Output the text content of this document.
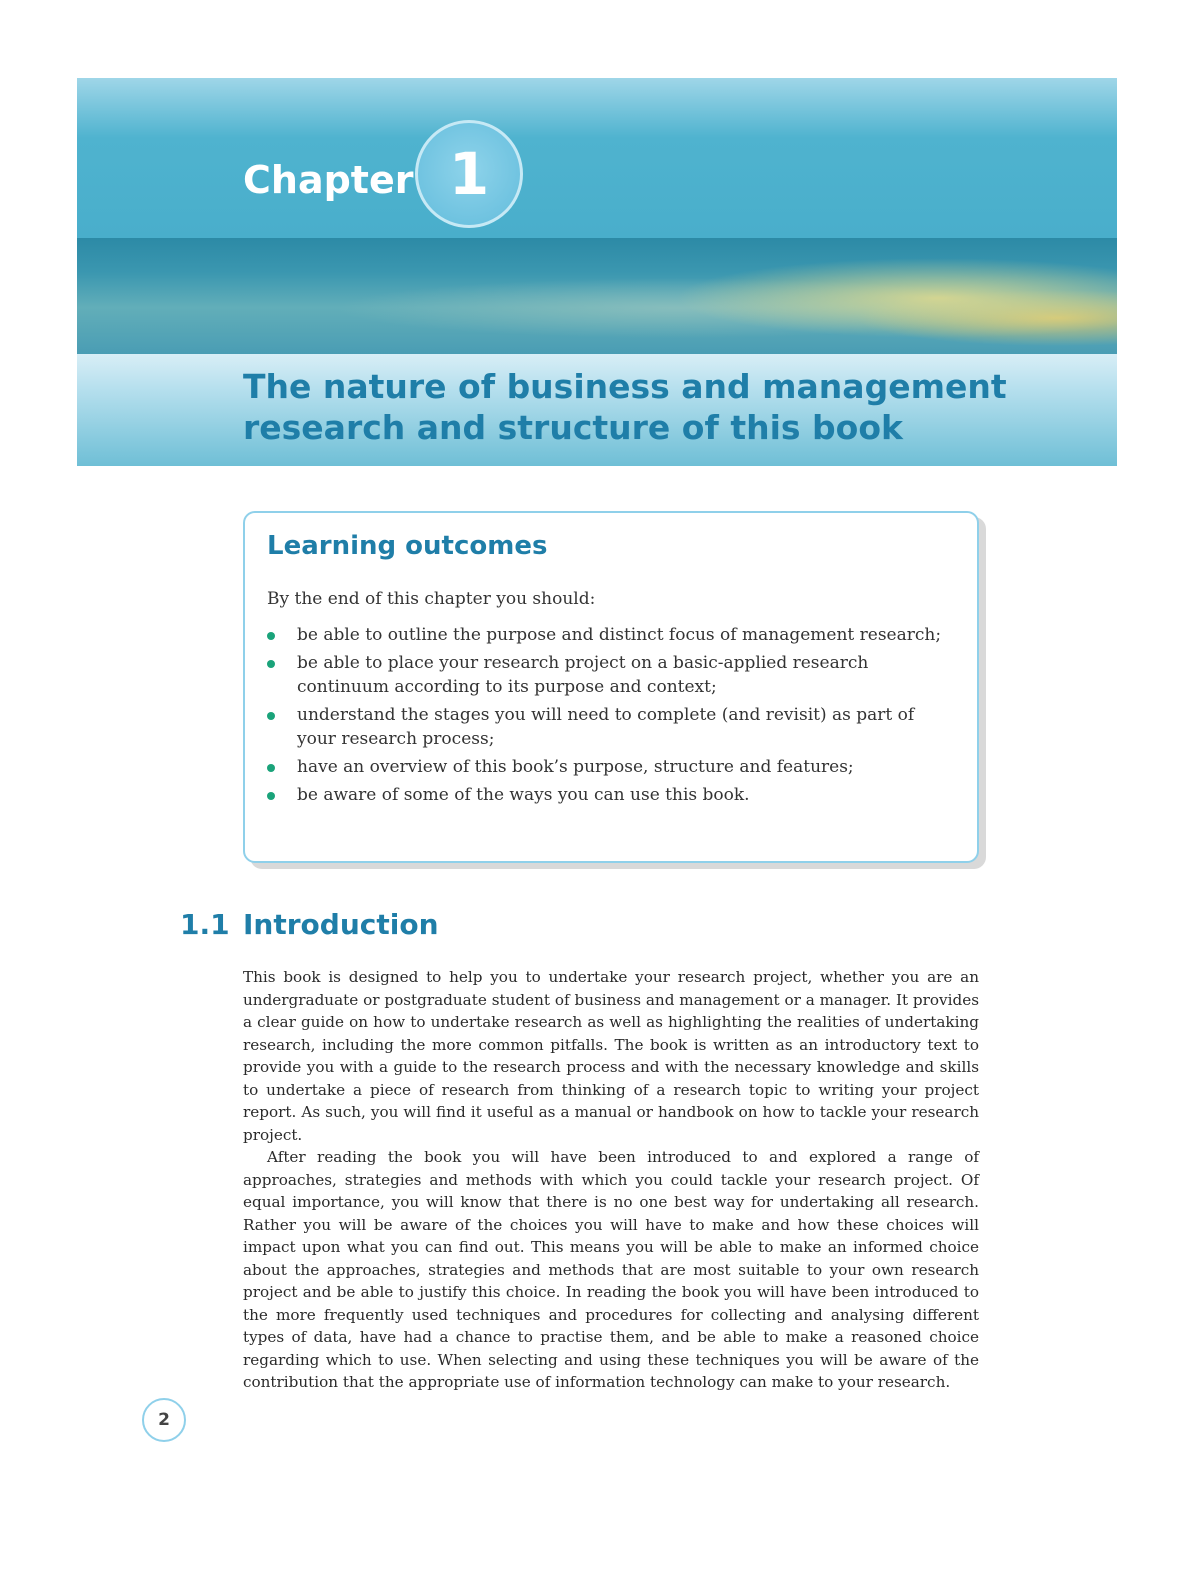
Chapter 1
The nature of business and management research and structure of this book
Learning outcomes
By the end of this chapter you should:
be able to outline the purpose and distinct focus of management research;
be able to place your research project on a basic-applied research continuum according to its purpose and context;
understand the stages you will need to complete (and revisit) as part of your research process;
have an overview of this book’s purpose, structure and features;
be aware of some of the ways you can use this book.
1.1 Introduction

This book is designed to help you to undertake your research project, whether you are an undergraduate or postgraduate student of business and management or a manager. It provides a clear guide on how to undertake research as well as highlighting the realities of undertaking research, including the more common pitfalls. The book is written as an introductory text to provide you with a guide to the research process and with the necessary knowledge and skills to undertake a piece of research from thinking of a research topic to writing your project report. As such, you will find it useful as a manual or handbook on how to tackle your research project.

After reading the book you will have been introduced to and explored a range of approaches, strategies and methods with which you could tackle your research project. Of equal importance, you will know that there is no one best way for undertaking all research. Rather you will be aware of the choices you will have to make and how these choices will impact upon what you can find out. This means you will be able to make an informed choice about the approaches, strategies and methods that are most suitable to your own research project and be able to justify this choice. In reading the book you will have been introduced to the more frequently used techniques and procedures for collecting and analysing different types of data, have had a chance to practise them, and be able to make a reasoned choice regarding which to use. When selecting and using these techniques you will be aware of the contribution that the appropriate use of information technology can make to your research.

2
